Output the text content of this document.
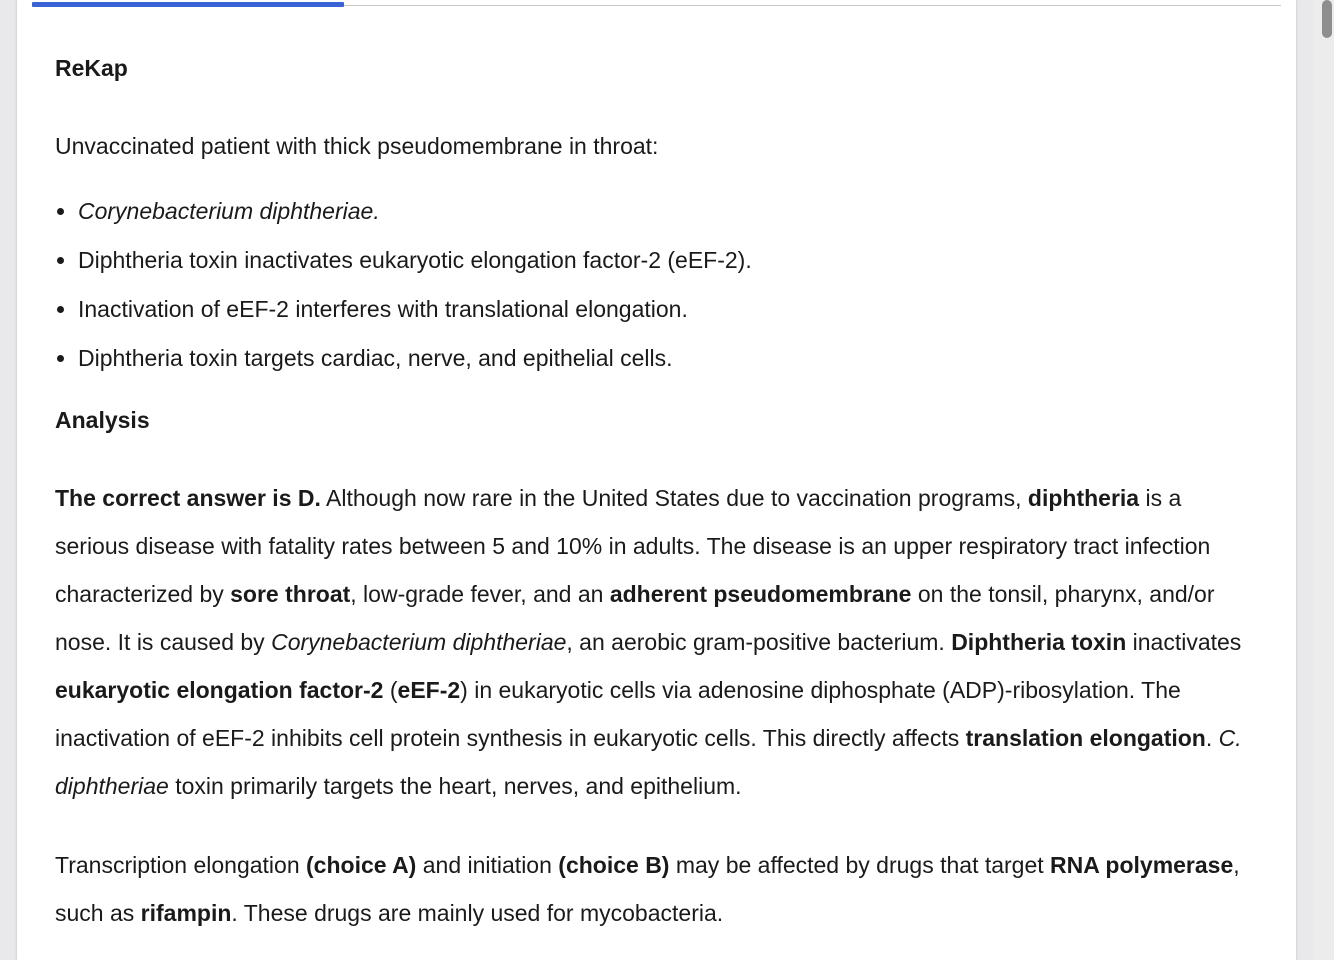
ReKap
Unvaccinated patient with thick pseudomembrane in throat:
Corynebacterium diphtheriae.
Diphtheria toxin inactivates eukaryotic elongation factor-2 (eEF-2).
Inactivation of eEF-2 interferes with translational elongation.
Diphtheria toxin targets cardiac, nerve, and epithelial cells.
Analysis
The correct answer is D. Although now rare in the United States due to vaccination programs, diphtheria is a serious disease with fatality rates between 5 and 10% in adults. The disease is an upper respiratory tract infection characterized by sore throat, low-grade fever, and an adherent pseudomembrane on the tonsil, pharynx, and/or nose. It is caused by Corynebacterium diphtheriae, an aerobic gram-positive bacterium. Diphtheria toxin inactivates eukaryotic elongation factor-2 (eEF-2) in eukaryotic cells via adenosine diphosphate (ADP)-ribosylation. The inactivation of eEF-2 inhibits cell protein synthesis in eukaryotic cells. This directly affects translation elongation. C. diphtheriae toxin primarily targets the heart, nerves, and epithelium.
Transcription elongation (choice A) and initiation (choice B) may be affected by drugs that target RNA polymerase, such as rifampin. These drugs are mainly used for mycobacteria.
